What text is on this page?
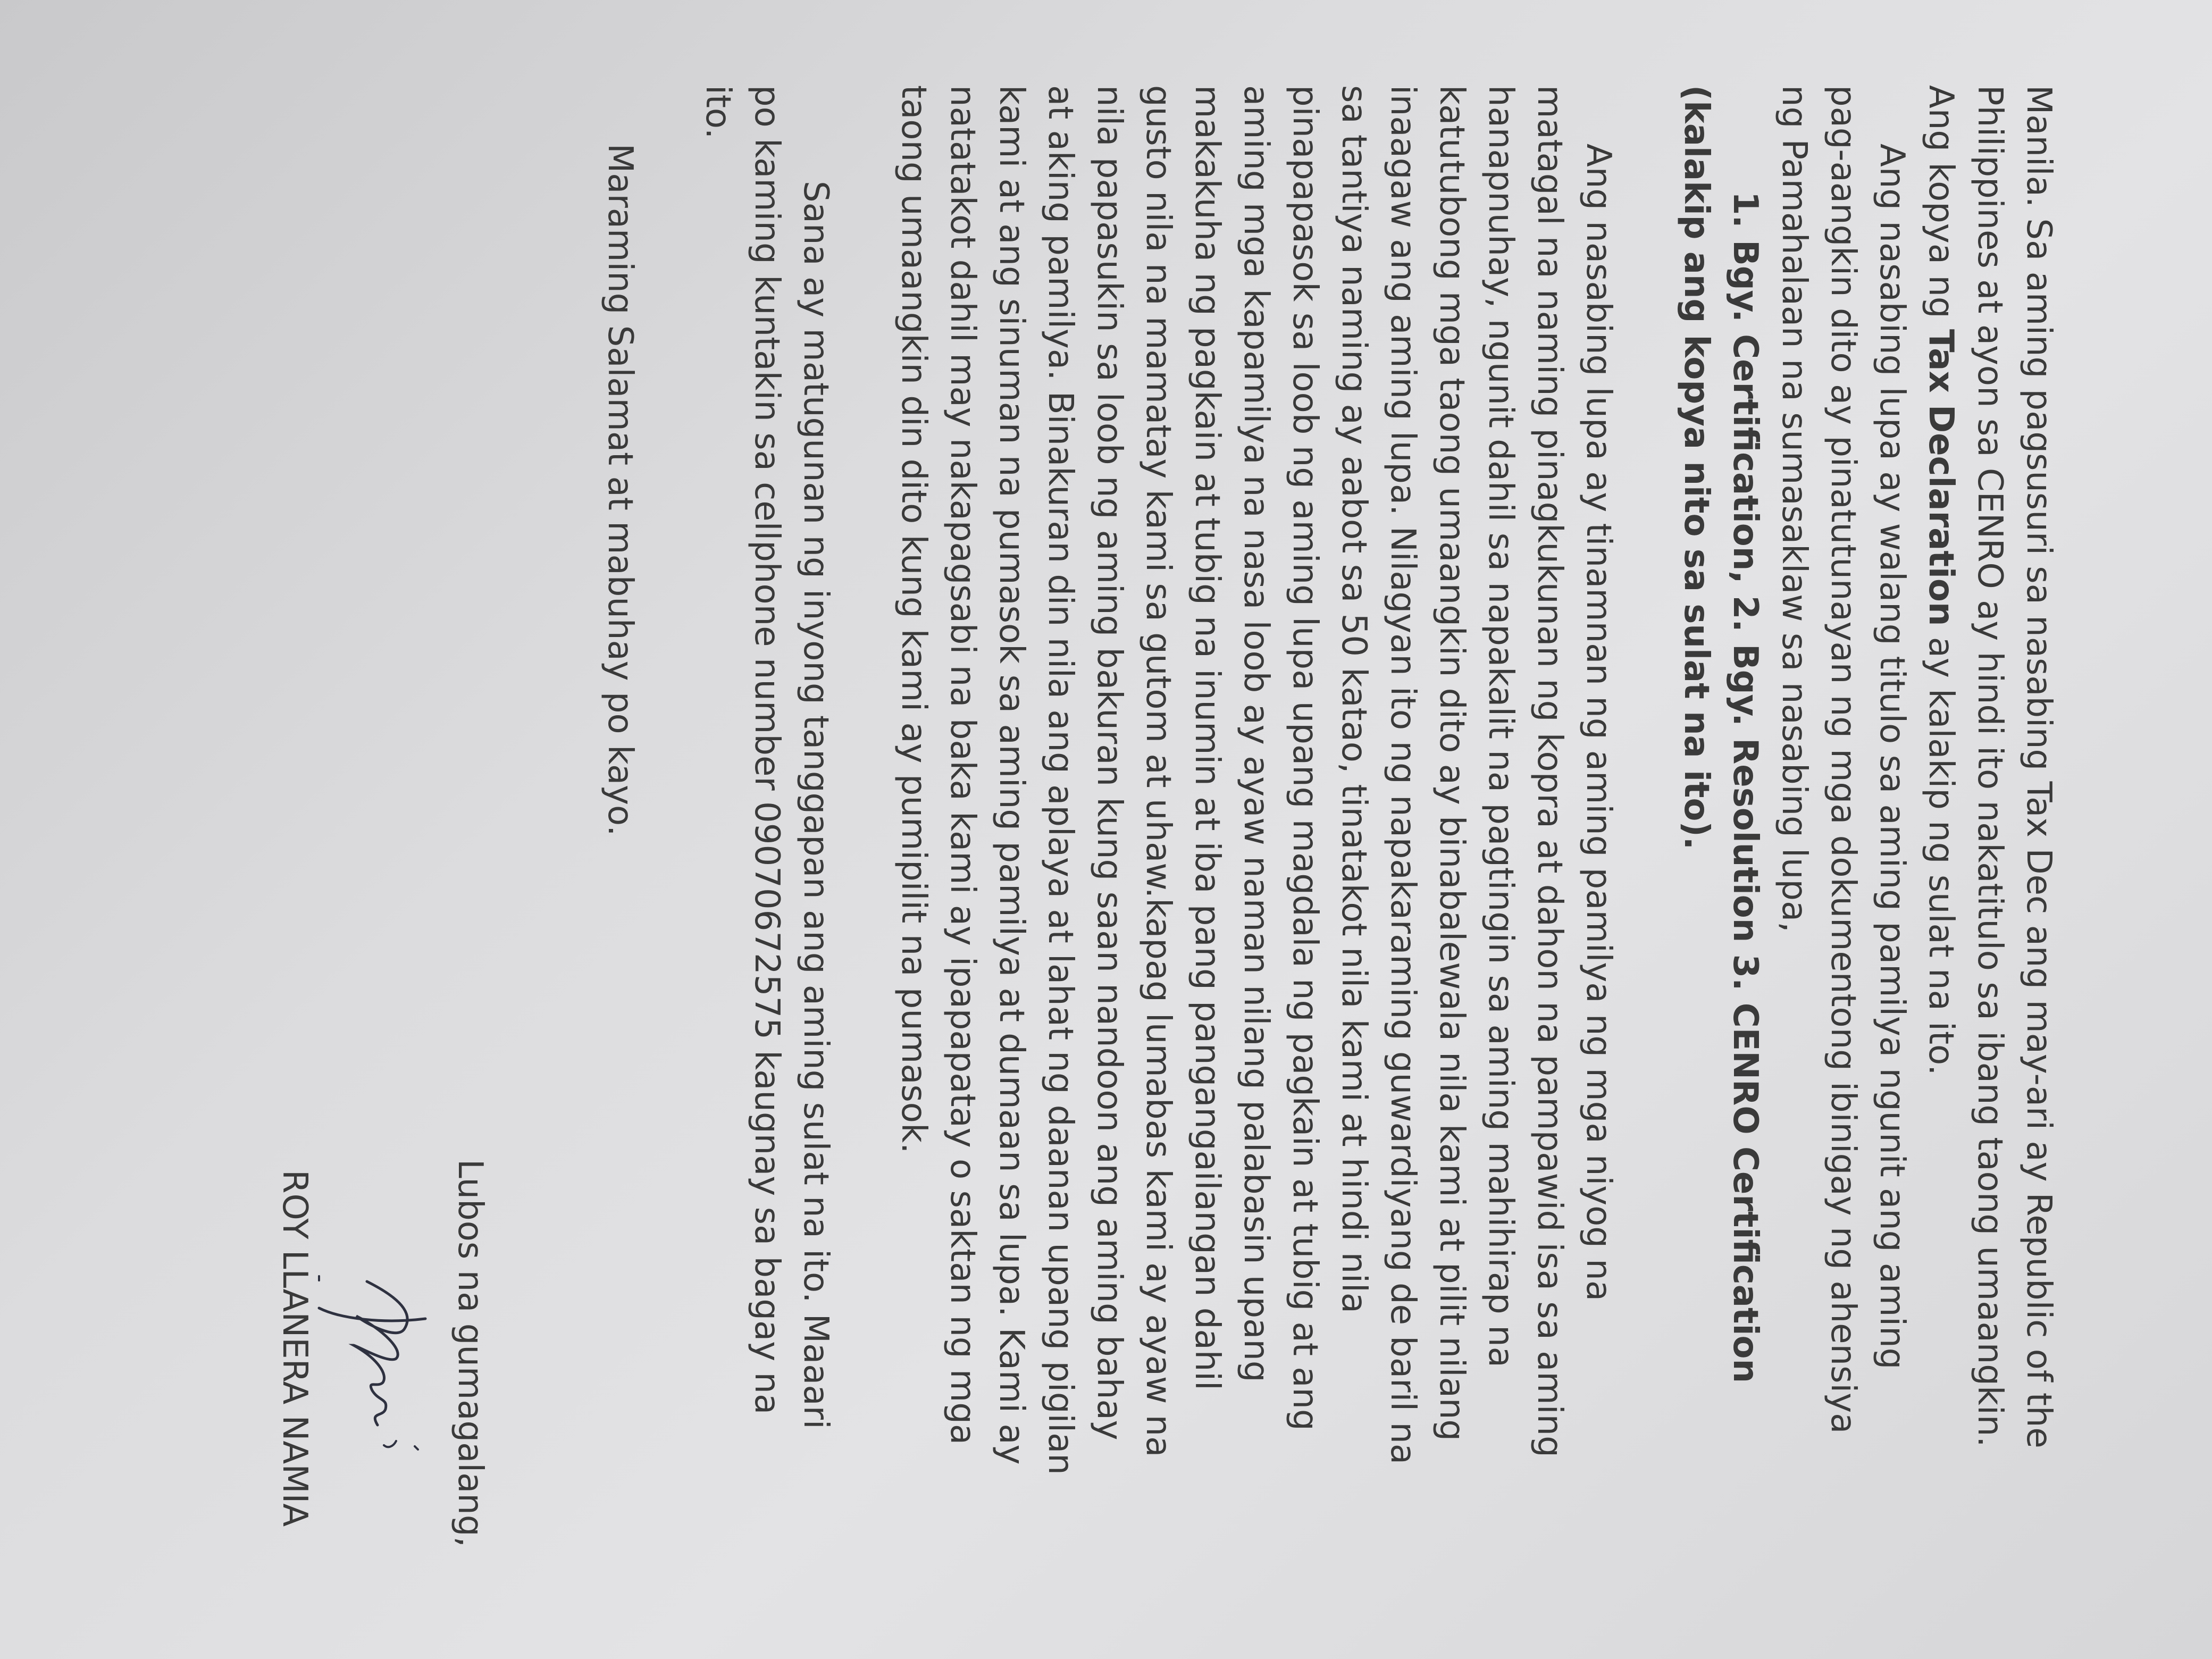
Manila. Sa aming pagsusuri sa nasabing Tax Dec ang may-ari ay Republic of the
Philippines at ayon sa CENRO ay hindi ito nakatitulo sa ibang taong umaangkin.
Ang kopya ng Tax Declaration ay kalakip ng sulat na ito.

Ang nasabing lupa ay walang titulo sa aming pamilya ngunit ang aming
pag-aangkin dito ay pinatutunayan ng mga dokumentong ibinigay ng ahensiya
ng Pamahalaan na sumasaklaw sa nasabing lupa,

1. Bgy. Certification, 2. Bgy. Resolution 3. CENRO Certification
(kalakip ang kopya nito sa sulat na ito).

Ang nasabing lupa ay tinamnan ng aming pamilya ng mga niyog na
matagal na naming pinagkukunan ng kopra at dahon na pampawid isa sa aming
hanapnuhay, ngunit dahil sa napakalit na pagtingin sa aming mahihirap na
katutubong mga taong umaangkin dito ay binabalewala nila kami at pilit nilang
inaagaw ang aming lupa. Nilagyan ito ng napakaraming guwardiyang de baril na
sa tantiya naming ay aabot sa 50 katao, tinatakot nila kami at hindi nila
pinapapasok sa loob ng aming lupa upang magdala ng pagkain at tubig at ang
aming mga kapamilya na nasa loob ay ayaw naman nilang palabasin upang
makakuha ng pagkain at tubig na inumin at iba pang pangangailangan dahil
gusto nila na mamatay kami sa gutom at uhaw.kapag lumabas kami ay ayaw na
nila papasukin sa loob ng aming bakuran kung saan nandoon ang aming bahay
at aking pamilya. Binakuran din nila ang aplaya at lahat ng daanan upang pigilan
kami at ang sinuman na pumasok sa aming pamilya at dumaan sa lupa. Kami ay
natatakot dahil may nakapagsabi na baka kami ay ipapapatay o saktan ng mga
taong umaangkin din dito kung kami ay pumipilit na pumasok.

Sana ay matugunan ng inyong tanggapan ang aming sulat na ito. Maaari
po kaming kuntakin sa cellphone number 09070672575 kaugnay sa bagay na
ito.

Maraming Salamat at mabuhay po kayo.

Lubos na gumagalang,
ROY LLANERA NAMIA
